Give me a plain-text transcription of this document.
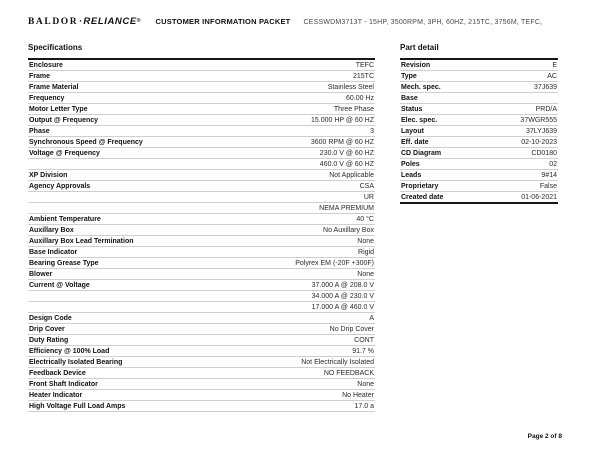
BALDOR·RELIANCE® CUSTOMER INFORMATION PACKET CESSWDM3713T - 15HP, 3500RPM, 3PH, 60HZ, 215TC, 3756M, TEFC,
Specifications
Enclosure	TEFC
Frame	215TC
Frame Material	Stainless Steel
Frequency	60.00 Hz
Motor Letter Type	Three Phase
Output @ Frequency	15.000 HP @ 60 HZ
Phase	3
Synchronous Speed @ Frequency	3600 RPM @ 60 HZ
Voltage @ Frequency	230.0 V @ 60 HZ
460.0 V @ 60 HZ
XP Division	Not Applicable
Agency Approvals	CSA
UR
NEMA PREMIUM
Ambient Temperature	40 °C
Auxillary Box	No Auxillary Box
Auxillary Box Lead Termination	None
Base Indicator	Rigid
Bearing Grease Type	Polyrex EM (-20F +300F)
Blower	None
Current @ Voltage	37.000 A @ 208.0 V
34.000 A @ 230.0 V
17.000 A @ 460.0 V
Design Code	A
Drip Cover	No Drip Cover
Duty Rating	CONT
Efficiency @ 100% Load	91.7 %
Electrically Isolated Bearing	Not Electrically Isolated
Feedback Device	NO FEEDBACK
Front Shaft Indicator	None
Heater Indicator	No Heater
High Voltage Full Load Amps	17.0 a
Part detail
Revision	E
Type	AC
Mech. spec.	37J639
Base
Status	PRD/A
Elec. spec.	37WGR555
Layout	37LYJ639
Eff. date	02-10-2023
CD Diagram	CD0180
Poles	02
Leads	9#14
Proprietary	False
Created date	01-06-2021
Page 2 of 8
